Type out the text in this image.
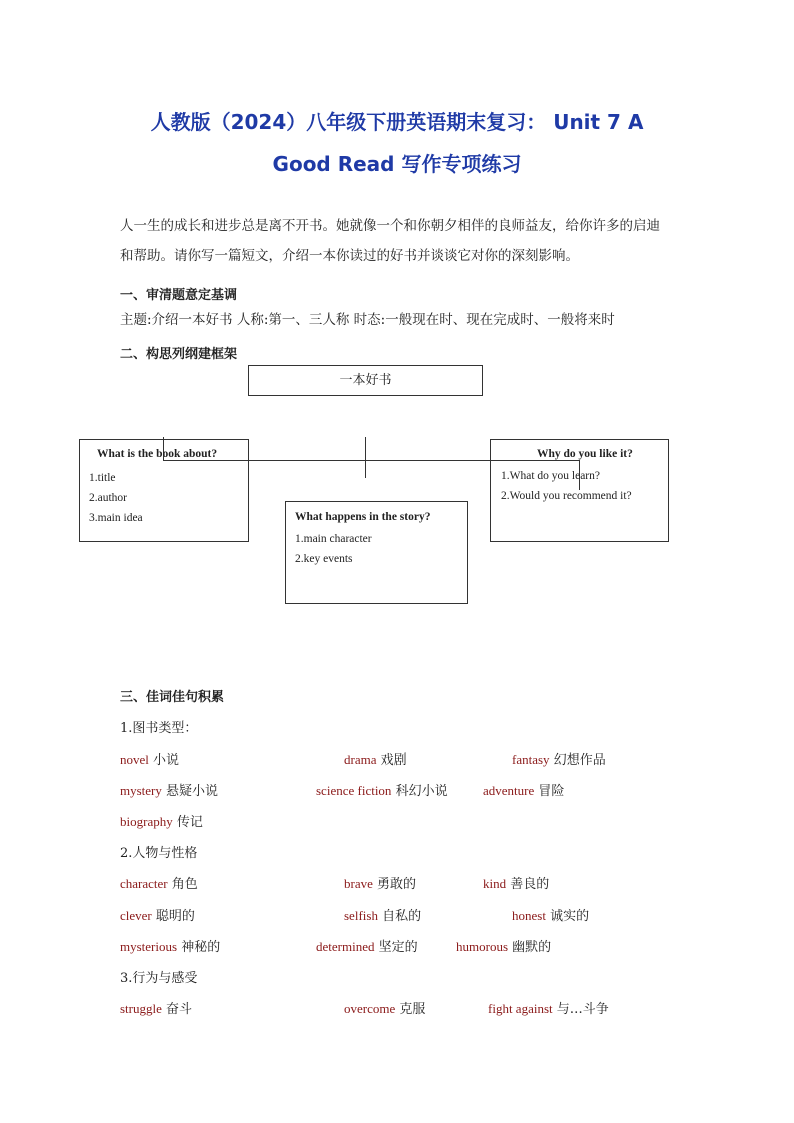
人教版（2024）八年级下册英语期末复习： Unit 7 A
Good Read 写作专项练习
人一生的成长和进步总是离不开书。她就像一个和你朝夕相伴的良师益友，给你许多的启迪
和帮助。请你写一篇短文，介绍一本你读过的好书并谈谈它对你的深刻影响。
一、审清题意定基调
主题:介绍一本好书 人称:第一、三人称 时态:一般现在时、现在完成时、一般将来时
二、构思列纲建框架
一本好书
What is the book about?
1.title
2.author
3.main idea	What happens in the story?
1.main character
2.key events
Why do you like it?
1.What do you learn?
2.Would you recommend it?
三、佳词佳句积累
1.图书类型：
novel 小说	drama 戏剧	fantasy 幻想作品
mystery 悬疑小说	science fiction 科幻小说	adventure 冒险
biography 传记
2.人物与性格
character 角色	brave 勇敢的	kind 善良的
clever 聪明的	selfish 自私的	honest 诚实的
mysterious 神秘的	determined 坚定的	humorous 幽默的
3.行为与感受
struggle 奋斗	overcome 克服	fight against 与…斗争
